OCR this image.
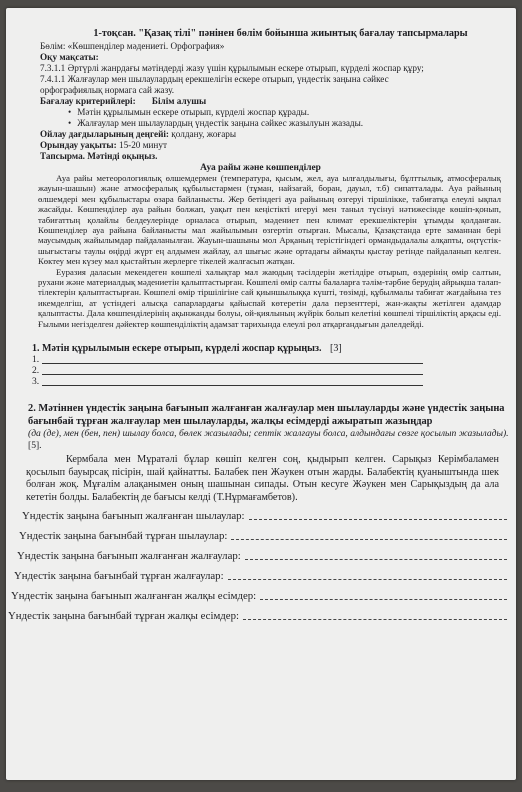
1-тоқсан. "Қазақ тілі" пәнінен бөлім бойынша жиынтық бағалау тапсырмалары
Бөлім: «Көшпенділер мәдениеті. Орфография»
Оқу мақсаты:
7.3.1.1 Әртүрлі жанрдағы мәтіндерді жазу үшін құрылымын ескере отырып, күрделі жоспар құру;
7.4.1.1 Жалғаулар мен шылаулардың ерекшелігін ескере отырып, үндестік заңына сәйкес
орфографиялық нормага сай жазу.
Бағалау критерийлері: Білім алушы
• Мәтін құрылымын ескере отырып, күрделі жоспар құрады.
• Жалғаулар мен шылаулардың үндестік заңына сәйкес жазылуын жазады.
Ойлау дағдыларының деңгейі: қолдану, жоғары
Орындау уақыты: 15-20 минут
Тапсырма. Мәтінді оқыңыз.
Ауа райы және көшпенділер
Ауа райы метеорологиялық өлшемдермен (температура, қысым, жел, ауа ылғалдылығы, бұлттылық, атмосфералық жауын-шашын) және атмосфералық құбылыстармен (тұман, найзағай, боран, дауыл, т.б) сипатталады. Ауа райының өлшемдері мен құбылыстары өзара байланысты. Жер бетіндегі ауа райының өзгеруі тіршілікке, табиғатқа елеулі ықпал жасайды. Көшпенділер ауа райын болжап, уақыт пен кеңістікті игеруі мен таныл түсінуі нәтижесінде көшіп-қонып, табиғаттың қолайлы белдеулерінде орналаса отырып, мәдениет пен климат ерекшеліктерін ұтымды қолданған. Көшпенділер ауа райына байланысты мал жайылымын өзгертіп отырған. Мысалы, Қазақстанда ерте заманнан бері маусымдық жайылымдар пайдаланылған. Жауын-шашыны мол Арқаның терістігіндегі ормандыдалалы алқапты, оңтүстік-шығыстағы таулы өңірді жүрт ең алдымен жайлау, ал шығыс және ортадағы аймақты қыстау ретінде пайдаланып келген. Көктеу мен күзеу мал қыстайтын жерлерге тікелей жалғасып жатқан.
Еуразия даласын мекендеген көшпелі халықтар мал жаюдың тәсілдерін жетілдіре отырып, өздерінің өмір салтын, рухани және материалдық мәдениетін қалыптастырған. Көшпелі өмір салты балаларға тәлім-тәрбие берудің айрықша талап-тілектерін қалыптастырған. Көшпелі өмір тіршілігіне сай қиыншылыққа күшті, төзімді, құбылмалы табиғат жағдайына тез икемделгіш, ат үстіндегі алысқа сапарлардағы қайыспай көтеретін дала перзенттері, жан-жақты жетілген адамдар қалыптасты. Дала көшпенділерінің ақынжанды болуы, ой-қиялының жүйрік болып келетіні көшпелі тіршіліктің арқасы еді. Ғылыми негізделген дәйектер көшпенділіктің адамзат тарихында елеулі рөл атқарғандығын дәлелдейді.
1. Мәтін құрылымын ескере отырып, күрделі жоспар құрыңыз. [3]
1.
2.
3.
2. Мәтіннен үндестік заңына бағынып жалғанған жалғаулар мен шылауларды және үндестік заңына бағынбай тұрған жалғаулар мен шылауларды, жалқы есімдерді ажыратып жазыңдар
(да (де), мен (бен, пен) шылау болса, бөлек жазылады; септік жалғауы болса, алдындағы сөзге қосылып жазылады). [5].
Кермбала мен Мұратәлі бұлар көшіп келген соң, қыдырып келген. Сарықыз Керімбаламен қосылып бауырсақ пісірін, шай қайнатты. Балабек пен Жәукен отын жарды. Балабектің қуаныштында шек болған жоқ. Мұғалім алақанымен оның шашынан сипады. Отын кесуге Жәукен мен Сарықыздың да ала кететін болды. Балабектің де бағысы келді (Т.Нұрмағамбетов).
Үндестік заңына бағынып жалғанған шылаулар:
Үндестік заңына бағынбай тұрған шылаулар:
Үндестік заңына бағынып жалғанған жалғаулар:
Үндестік заңына бағынбай тұрған жалғаулар:
Үндестік заңына бағынып жалғанған жалқы есімдер:
Үндестік заңына бағынбай тұрған жалқы есімдер:
